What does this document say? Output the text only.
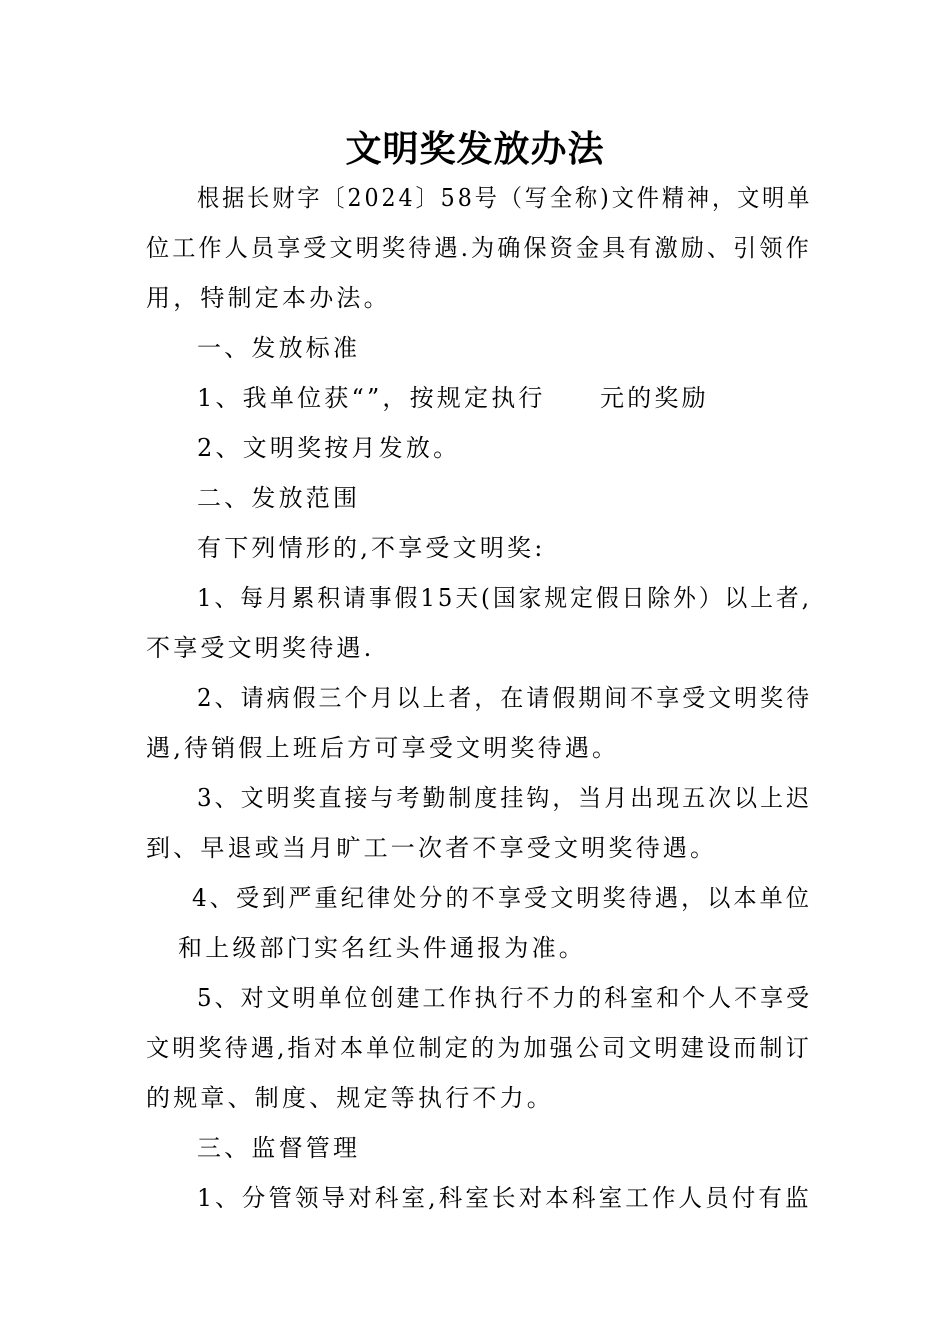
文明奖发放办法
根据长财字〔2024〕58号（写全称)文件精神，文明单
位工作人员享受文明奖待遇.为确保资金具有激励、引领作
用，特制定本办法。
一、发放标准
1、我单位获“”，按规定执行　　元的奖励
2、文明奖按月发放。
二、发放范围
有下列情形的,不享受文明奖:
1、每月累积请事假15天(国家规定假日除外）以上者,
不享受文明奖待遇.
2、请病假三个月以上者，在请假期间不享受文明奖待
遇,待销假上班后方可享受文明奖待遇。
3、文明奖直接与考勤制度挂钩，当月出现五次以上迟
到、早退或当月旷工一次者不享受文明奖待遇。
4、受到严重纪律处分的不享受文明奖待遇，以本单位
和上级部门实名红头件通报为准。
5、对文明单位创建工作执行不力的科室和个人不享受
文明奖待遇,指对本单位制定的为加强公司文明建设而制订
的规章、制度、规定等执行不力。
三、监督管理
1、分管领导对科室,科室长对本科室工作人员付有监
